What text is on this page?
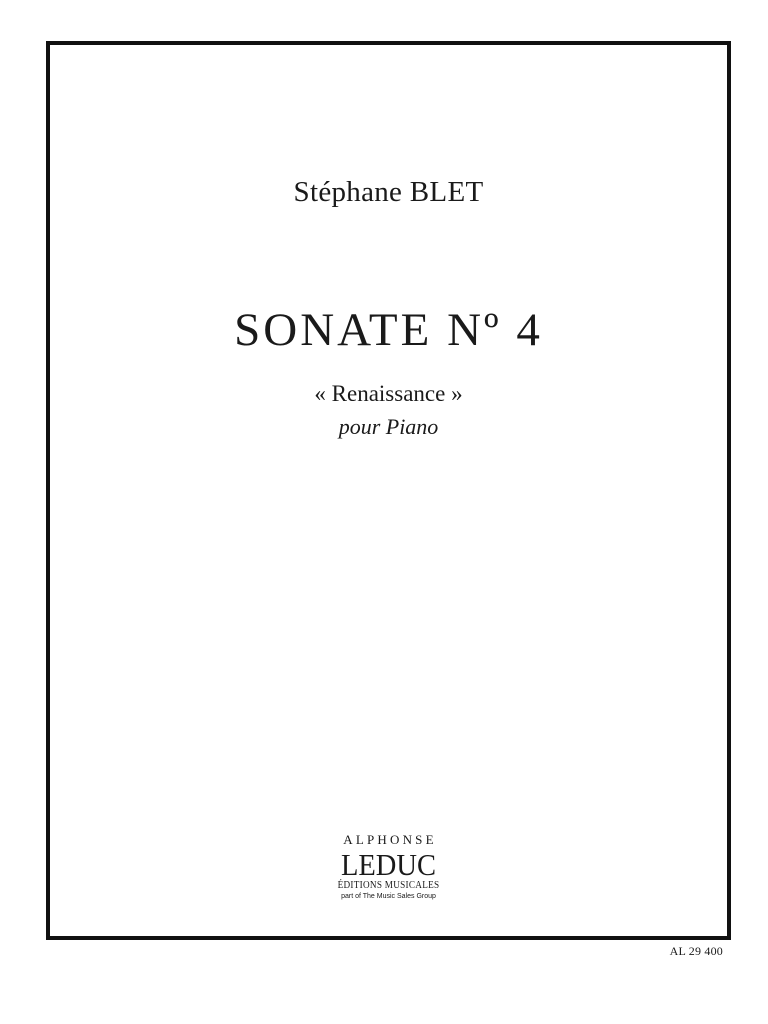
Stéphane BLET
SONATE Nº 4
« Renaissance »
pour Piano
ALPHONSE
LEDUC
ÉDITIONS MUSICALES
part of The Music Sales Group
AL 29 400
